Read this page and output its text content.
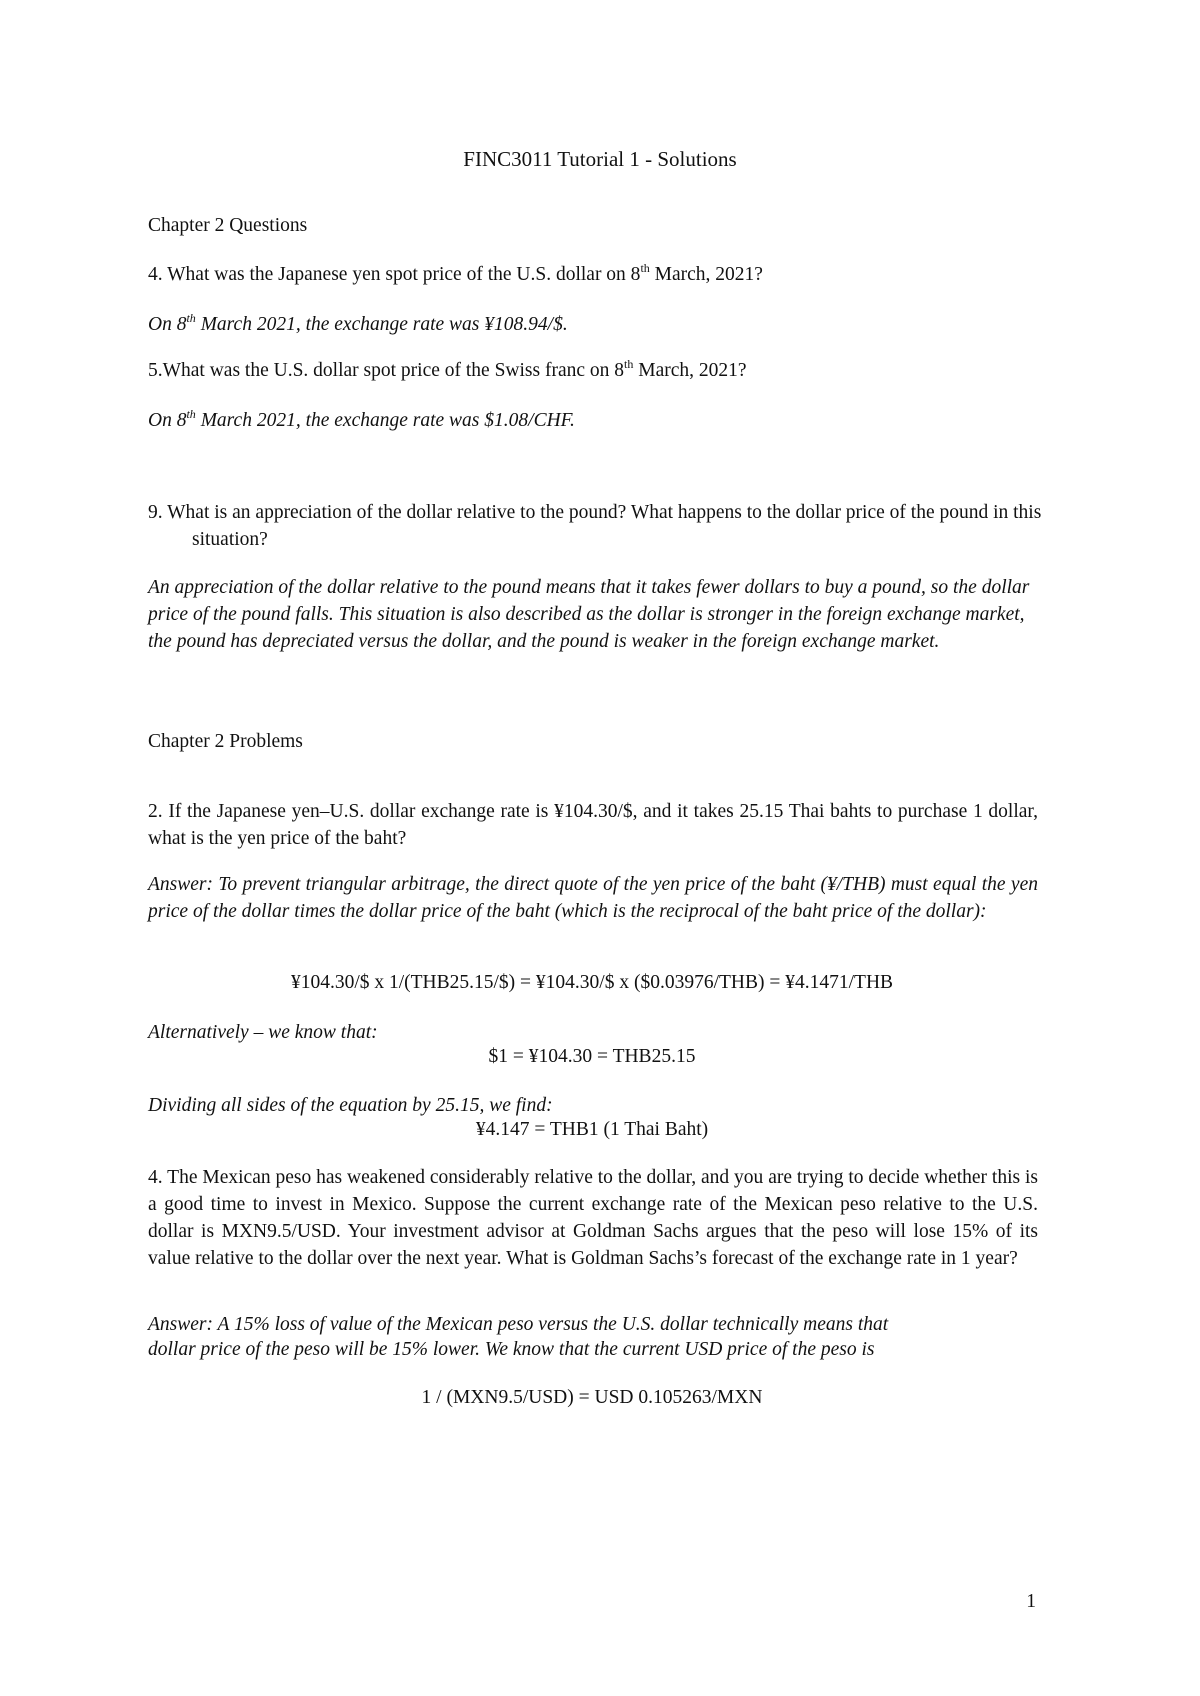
FINC3011 Tutorial 1 - Solutions

Chapter 2 Questions

4. What was the Japanese yen spot price of the U.S. dollar on 8th March, 2021?

On 8th March 2021, the exchange rate was ¥108.94/$.

5.What was the U.S. dollar spot price of the Swiss franc on 8th March, 2021?

On 8th March 2021, the exchange rate was $1.08/CHF.

9. What is an appreciation of the dollar relative to the pound? What happens to the dollar price of the pound in this situation?

An appreciation of the dollar relative to the pound means that it takes fewer dollars to buy a pound, so the dollar price of the pound falls. This situation is also described as the dollar is stronger in the foreign exchange market, the pound has depreciated versus the dollar, and the pound is weaker in the foreign exchange market.

Chapter 2 Problems

2. If the Japanese yen–U.S. dollar exchange rate is ¥104.30/$, and it takes 25.15 Thai bahts to purchase 1 dollar, what is the yen price of the baht?

Answer: To prevent triangular arbitrage, the direct quote of the yen price of the baht (¥/THB) must equal the yen price of the dollar times the dollar price of the baht (which is the reciprocal of the baht price of the dollar):

¥104.30/$ x 1/(THB25.15/$) = ¥104.30/$ x ($0.03976/THB) = ¥4.1471/THB

Alternatively – we know that:

$1 = ¥104.30 = THB25.15

Dividing all sides of the equation by 25.15, we find:

¥4.147 = THB1 (1 Thai Baht)

4. The Mexican peso has weakened considerably relative to the dollar, and you are trying to decide whether this is a good time to invest in Mexico. Suppose the current exchange rate of the Mexican peso relative to the U.S. dollar is MXN9.5/USD. Your investment advisor at Goldman Sachs argues that the peso will lose 15% of its value relative to the dollar over the next year. What is Goldman Sachs’s forecast of the exchange rate in 1 year?

Answer: A 15% loss of value of the Mexican peso versus the U.S. dollar technically means that

dollar price of the peso will be 15% lower. We know that the current USD price of the peso is

1 / (MXN9.5/USD) = USD 0.105263/MXN

1
